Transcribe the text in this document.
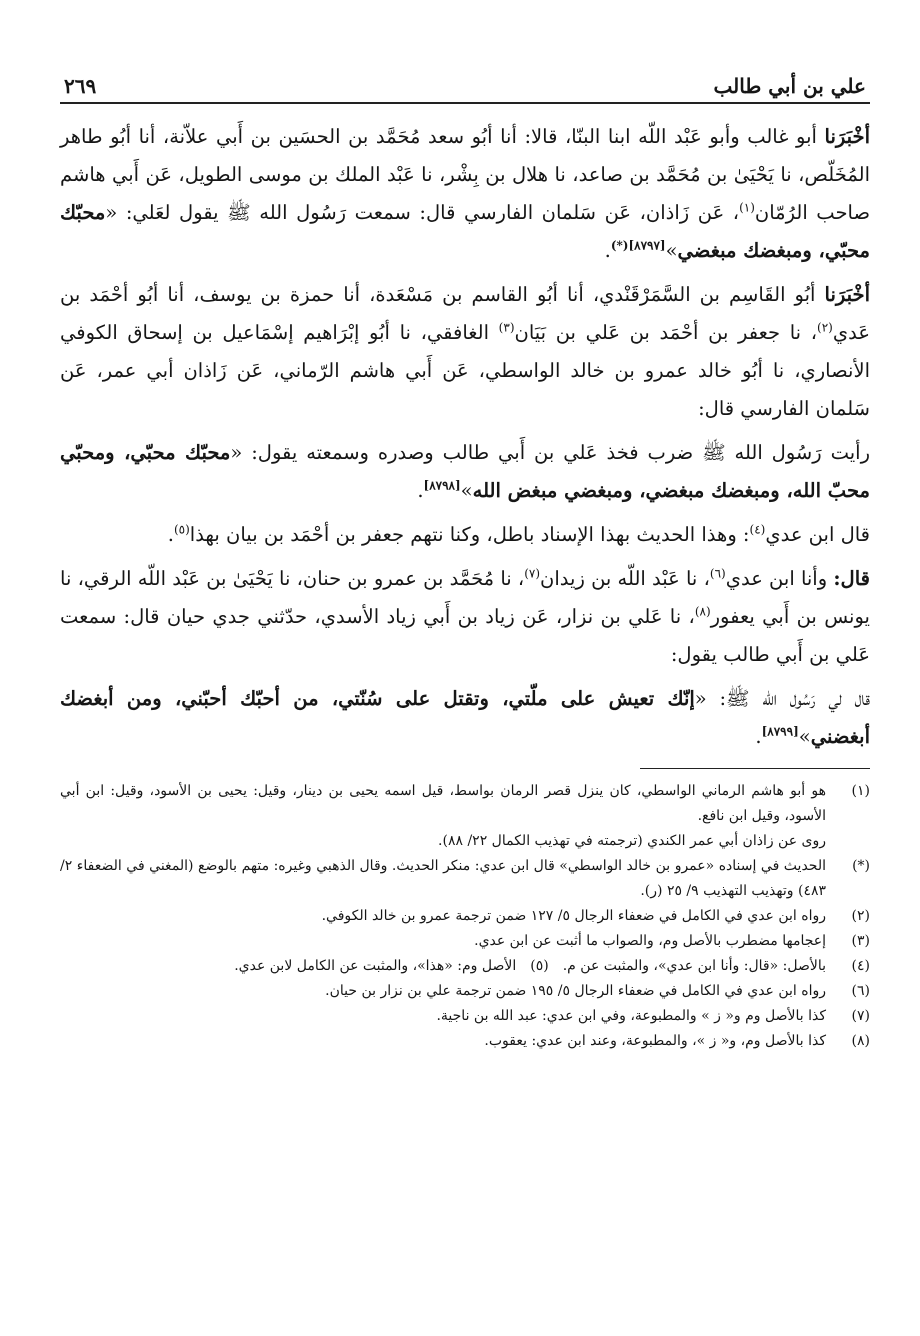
علي بن أبي طالب
٢٦٩

أخْبَرَنا أبو غالب وأبو عَبْد اللّه ابنا البنّا، قالا: أنا أبُو سعد مُحَمَّد بن الحسَين بن أَبي علاّنة، أنا أبُو طاهر المُخَلّص، نا يَحْيَىٰ بن مُحَمَّد بن صاعد، نا هلال بن بِشْر، نا عَبْد الملك بن موسى الطويل، عَن أَبي هاشم صاحب الرُمّان$^{(١)}$، عَن زَاذان، عَن سَلمان الفارسي قال: سمعت رَسُول الله ﷺ يقول لعَلي: «محبّك محبّي، ومبغضك مبغضي»$^{[٨٧٩٧](*)}$.

أخْبَرَنا أبُو القَاسِم بن السَّمَرْقَنْدي، أنا أبُو القاسم بن مَسْعَدة، أنا حمزة بن يوسف، أنا أبُو أحْمَد بن عَدي$^{(٢)}$، نا جعفر بن أحْمَد بن عَلي بن بَيَان$^{(٣)}$ الغافقي، نا أبُو إبْرَاهيم إسْمَاعيل بن إسحاق الكوفي الأنصاري، نا أبُو خالد عمرو بن خالد الواسطي، عَن أَبي هاشم الرّماني، عَن زَاذان أبي عمر، عَن سَلمان الفارسي قال:

رأيت رَسُول الله ﷺ ضرب فخذ عَلي بن أَبي طالب وصدره وسمعته يقول: «محبّك محبّي، ومحبّي محبّ الله، ومبغضك مبغضي، ومبغضي مبغض الله»[٨٧٩٨].

قال ابن عدي$^{(٤)}$: وهذا الحديث بهذا الإسناد باطل، وكنا نتهم جعفر بن أحْمَد بن بيان بهذا$^{(٥)}$.

قال: وأنا ابن عدي$^{(٦)}$، نا عَبْد اللّه بن زيدان$^{(٧)}$، نا مُحَمَّد بن عمرو بن حنان، نا يَحْيَىٰ بن عَبْد اللّه الرقي، نا يونس بن أَبي يعفور$^{(٨)}$، نا عَلي بن نزار، عَن زياد بن أَبي زياد الأسدي، حدّثني جدي حيان قال: سمعت عَلي بن أَبي طالب يقول:

قال لي رَسُول الله ﷺ: «إنّك تعيش على ملّتي، وتقتل على سُنّتي، من أحبّك أحبّني، ومن أبغضك أبغضني»[٨٧٩٩].

(١)
هو أبو هاشم الرماني الواسطي، كان ينزل قصر الرمان بواسط، قيل اسمه يحيى بن دينار، وقيل: يحيى بن الأسود، وقيل: ابن أبي الأسود، وقيل ابن نافع.

روى عن زاذان أبي عمر الكندي (ترجمته في تهذيب الكمال ٢٢/ ٨٨).

(*)
الحديث في إسناده «عمرو بن خالد الواسطي» قال ابن عدي: منكر الحديث. وقال الذهبي وغيره: متهم بالوضع (المغني في الضعفاء ٢/ ٤٨٣) وتهذيب التهذيب ٩/ ٢٥ (ر).

(٢)
رواه ابن عدي في الكامل في ضعفاء الرجال ٥/ ١٢٧ ضمن ترجمة عمرو بن خالد الكوفي.

(٣)
إعجامها مضطرب بالأصل وم، والصواب ما أثبت عن ابن عدي.

(٤)
بالأصل: «قال: وأنا ابن عدي»، والمثبت عن م.(٥)الأصل وم: «هذا»، والمثبت عن الكامل لابن عدي.

(٦)
رواه ابن عدي في الكامل في ضعفاء الرجال ٥/ ١٩٥ ضمن ترجمة علي بن نزار بن حيان.

(٧)
كذا بالأصل وم و« ز » والمطبوعة، وفي ابن عدي: عبد الله بن ناجية.

(٨)
كذا بالأصل وم، و« ز »، والمطبوعة، وعند ابن عدي: يعقوب.
